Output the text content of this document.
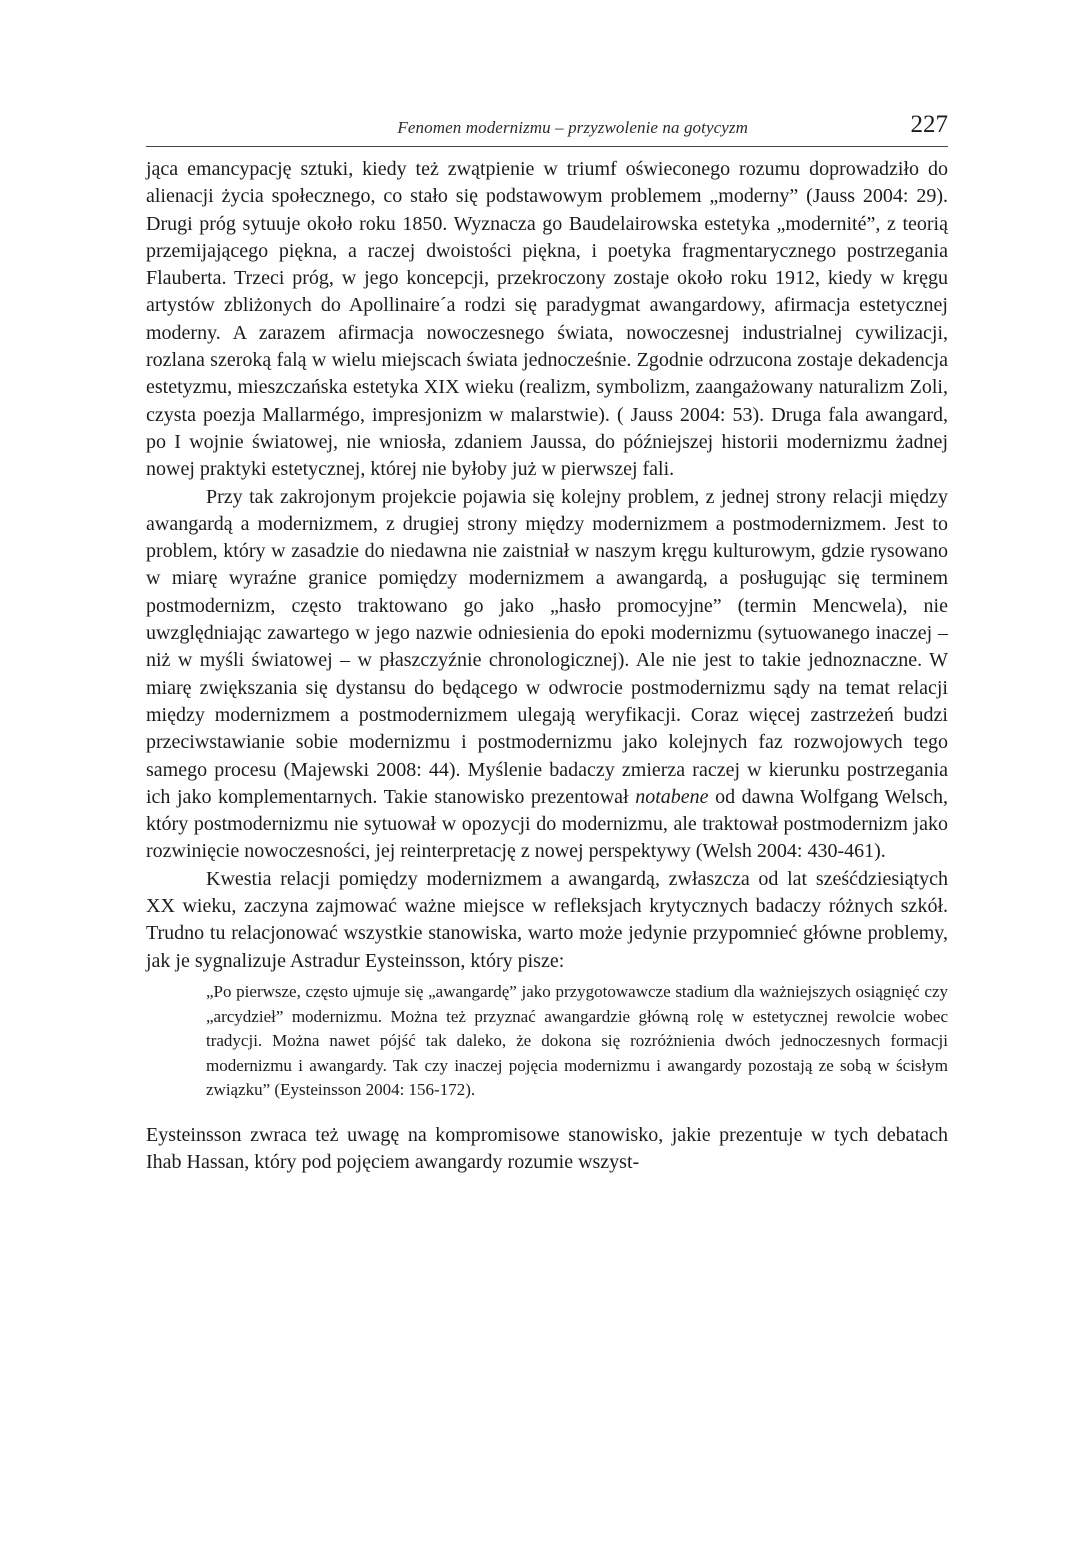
Fenomen modernizmu – przyzwolenie na gotycyzm	227

jąca emancypację sztuki, kiedy też zwątpienie w triumf oświeconego rozumu doprowadziło do alienacji życia społecznego, co stało się podstawowym problemem „moderny” (Jauss 2004: 29). Drugi próg sytuuje około roku 1850. Wyznacza go Baudelairowska estetyka „modernité”, z teorią przemijającego piękna, a raczej dwoistości piękna, i poetyka fragmentarycznego postrzegania Flauberta. Trzeci próg, w jego koncepcji, przekroczony zostaje około roku 1912, kiedy w kręgu artystów zbliżonych do Apollinaire´a rodzi się paradygmat awangardowy, afirmacja estetycznej moderny. A zarazem afirmacja nowoczesnego świata, nowoczesnej industrialnej cywilizacji, rozlana szeroką falą w wielu miejscach świata jednocześnie. Zgodnie odrzucona zostaje dekadencja estetyzmu, mieszczańska estetyka XIX wieku (realizm, symbolizm, zaangażowany naturalizm Zoli, czysta poezja Mallarmégo, impresjonizm w malarstwie). ( Jauss 2004: 53). Druga fala awangard, po I wojnie światowej, nie wniosła, zdaniem Jaussa, do późniejszej historii modernizmu żadnej nowej praktyki estetycznej, której nie byłoby już w pierwszej fali.

Przy tak zakrojonym projekcie pojawia się kolejny problem, z jednej strony relacji między awangardą a modernizmem, z drugiej strony między modernizmem a postmodernizmem. Jest to problem, który w zasadzie do niedawna nie zaistniał w naszym kręgu kulturowym, gdzie rysowano w miarę wyraźne granice pomiędzy modernizmem a awangardą, a posługując się terminem postmodernizm, często traktowano go jako „hasło promocyjne” (termin Mencwela), nie uwzględniając zawartego w jego nazwie odniesienia do epoki modernizmu (sytuowanego inaczej – niż w myśli światowej – w płaszczyźnie chronologicznej). Ale nie jest to takie jednoznaczne. W miarę zwiększania się dystansu do będącego w odwrocie postmodernizmu sądy na temat relacji między modernizmem a postmodernizmem ulegają weryfikacji. Coraz więcej zastrzeżeń budzi przeciwstawianie sobie modernizmu i postmodernizmu jako kolejnych faz rozwojowych tego samego procesu (Majewski 2008: 44). Myślenie badaczy zmierza raczej w kierunku postrzegania ich jako komplementarnych. Takie stanowisko prezentował notabene od dawna Wolfgang Welsch, który postmodernizmu nie sytuował w opozycji do modernizmu, ale traktował postmodernizm jako rozwinięcie nowoczesności, jej reinterpretację z nowej perspektywy (Welsh 2004: 430-461).

Kwestia relacji pomiędzy modernizmem a awangardą, zwłaszcza od lat sześćdziesiątych XX wieku, zaczyna zajmować ważne miejsce w refleksjach krytycznych badaczy różnych szkół. Trudno tu relacjonować wszystkie stanowiska, warto może jedynie przypomnieć główne problemy, jak je sygnalizuje Astradur Eysteinsson, który pisze:

„Po pierwsze, często ujmuje się „awangardę” jako przygotowawcze stadium dla ważniejszych osiągnięć czy „arcydzieł” modernizmu. Można też przyznać awangardzie główną rolę w estetycznej rewolcie wobec tradycji. Można nawet pójść tak daleko, że dokona się rozróżnienia dwóch jednoczesnych formacji modernizmu i awangardy. Tak czy inaczej pojęcia modernizmu i awangardy pozostają ze sobą w ścisłym związku” (Eysteinsson 2004: 156-172).

Eysteinsson zwraca też uwagę na kompromisowe stanowisko, jakie prezentuje w tych debatach Ihab Hassan, który pod pojęciem awangardy rozumie wszyst-
